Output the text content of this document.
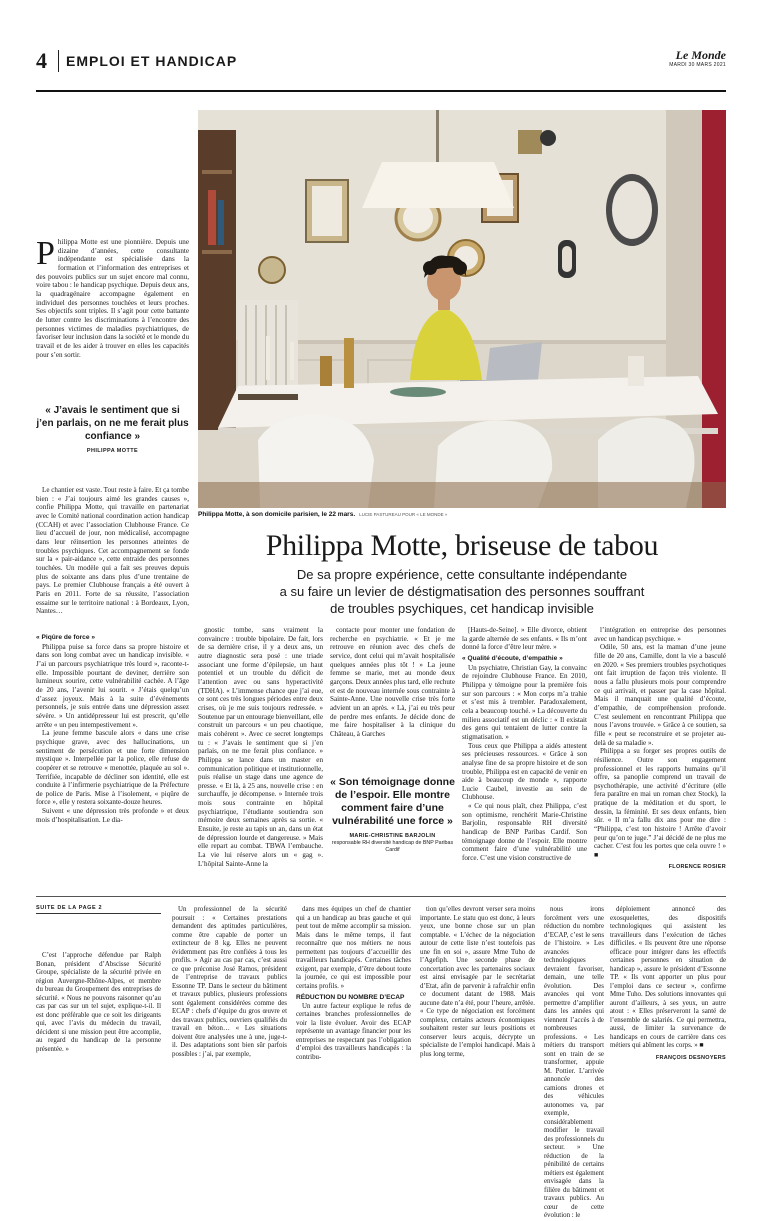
4 EMPLOI ET HANDICAP	Le Monde
MARDI 30 MARS 2021

Philippa Motte est une pionnière. Depuis une dizaine d’années, cette consultante indépendante est spécialisée dans la formation et l’information des entreprises et des pouvoirs publics sur un sujet encore mal connu, voire tabou : le handicap psychique. Depuis deux ans, la quadragénaire accompagne également en individuel des personnes touchées et leurs proches. Ses objectifs sont triples. Il s’agit pour cette battante de lutter contre les discriminations à l’encontre des personnes victimes de maladies psychiatriques, de favoriser leur inclusion dans la société et le monde du travail et de les aider à trouver en elles les capacités pour s’en sortir.

« J’avais le sentiment que si j’en parlais, on ne me ferait plus confiance »
PHILIPPA MOTTE
Philippa Motte, à son domicile parisien, le 22 mars. LUCIE PASTUREAU POUR « LE MONDE »
Philippa Motte, briseuse de tabou
De sa propre expérience, cette consultante indépendante
a su faire un levier de déstigmatisation des personnes souffrant
de troubles psychiques, cet handicap invisible

Le chantier est vaste. Tout reste à faire. Et ça tombe bien : « J’ai toujours aimé les grandes causes », confie Philippa Motte, qui travaille en partenariat avec le Comité national coordination action handicap (CCAH) et avec l’association Clubhouse France. Ce lieu d’accueil de jour, non médicalisé, accompagne dans leur réinsertion les personnes atteintes de troubles psychiques. Cet accompagnement se fonde sur la « pair-aidance », cette entraide des personnes touchées. Un modèle qui a fait ses preuves depuis plus de soixante ans dans plus d’une trentaine de pays. Le premier Clubhouse français a été ouvert à Paris en 2011. Forte de sa réussite, l’association essaime sur le territoire national : à Bordeaux, Lyon, Nantes…

« Piqûre de force »

Philippa puise sa force dans sa propre histoire et dans son long combat avec un handicap invisible. « J’ai un parcours psychiatrique très lourd », raconte-t-elle. Impossible pourtant de deviner, derrière son lumineux sourire, cette vulnérabilité cachée. A l’âge de 20 ans, l’avenir lui sourit. « J’étais quelqu’un d’assez joyeux. Mais à la suite d’événements personnels, je suis entrée dans une dépression assez sévère. » Un antidépresseur lui est prescrit, qu’elle arrête « un peu intempestivement ».

La jeune femme bascule alors « dans une crise psychique grave, avec des hallucinations, un sentiment de persécution et une forte dimension mystique ». Interpellée par la police, elle refuse de coopérer et se retrouve « menottée, plaquée au sol ». Terrifiée, incapable de décliner son identité, elle est conduite à l’infirmerie psychiatrique de la Préfecture de police de Paris. Mise à l’isolement, « piqûre de force », elle y restera soixante-douze heures.

Suivent « une dépression très profonde » et deux mois d’hospitalisation. Le dia-

gnostic tombe, sans vraiment la convaincre : trouble bipolaire. De fait, lors de sa dernière crise, il y a deux ans, un autre diagnostic sera posé : une triade associant une forme d’épilepsie, un haut potentiel et un trouble du déficit de l’attention avec ou sans hyperactivité (TDHA). « L’immense chance que j’ai eue, ce sont ces très longues périodes entre deux crises, où je me suis toujours redressée. » Soutenue par un entourage bienveillant, elle construit un parcours « un peu chaotique, mais cohérent ». Avec ce secret longtemps tu : « J’avais le sentiment que si j’en parlais, on ne me ferait plus confiance. » Philippa se lance dans un master en communication politique et institutionnelle, puis réalise un stage dans une agence de presse. « Et là, à 25 ans, nouvelle crise : en surchauffe, je décompense. » Internée trois mois sous contrainte en hôpital psychiatrique, l’étudiante soutiendra son mémoire deux semaines après sa sortie. « Ensuite, je reste au tapis un an, dans un état de dépression lourde et dangereuse. » Mais elle repart au combat. TBWA l’embauche. La vie lui réserve alors un « gag ». L’hôpital Sainte-Anne la

contacte pour monter une fondation de recherche en psychiatrie. « Et je me retrouve en réunion avec des chefs de service, dont celui qui m’avait hospitalisée quelques années plus tôt ! » La jeune femme se marie, met au monde deux garçons. Deux années plus tard, elle rechute et est de nouveau internée sous contrainte à Sainte-Anne. Une nouvelle crise très forte advient un an après. « Là, j’ai eu très peur de perdre mes enfants. Je décide donc de me faire hospitaliser à la clinique du Château, à Garches

« Son témoignage donne de l’espoir. Elle montre comment faire d’une vulnérabilité une force »
MARIE-CHRISTINE BARJOLIN
responsable RH diversité handicap de BNP Paribas Cardif

[Hauts-de-Seine]. » Elle divorce, obtient la garde alternée de ses enfants. « Ils m’ont donné la force d’être leur mère. »

« Qualité d’écoute, d’empathie »

Un psychiatre, Christian Gay, la convainc de rejoindre Clubhouse France. En 2010, Philippa y témoigne pour la première fois sur son parcours : « Mon corps m’a trahie et s’est mis à trembler. Paradoxalement, cela a beaucoup touché. » La découverte du milieu associatif est un déclic : « Il existait des gens qui tentaient de lutter contre la stigmatisation. »

Tous ceux que Philippa a aidés attestent ses précieuses ressources. « Grâce à son analyse fine de sa propre histoire et de son trouble, Philippa est en capacité de venir en aide à beaucoup de monde », rapporte Lucie Caubel, investie au sein de Clubhouse.

« Ce qui nous plaît, chez Philippa, c’est son optimisme, renchérit Marie-Christine Barjolin, responsable RH diversité handicap de BNP Paribas Cardif. Son témoignage donne de l’espoir. Elle montre comment faire d’une vulnérabilité une force. C’est une vision constructive de

l’intégration en entreprise des personnes avec un handicap psychique. »

Odile, 50 ans, est la maman d’une jeune fille de 20 ans, Camille, dont la vie a basculé en 2020. « Ses premiers troubles psychotiques ont fait irruption de façon très violente. Il nous a fallu plusieurs mois pour comprendre ce qui arrivait, et passer par la case hôpital. Mais il manquait une qualité d’écoute, d’empathie, de compréhension profonde. C’est seulement en rencontrant Philippa que nous l’avons trouvée. » Grâce à ce soutien, sa fille « peut se reconstruire et se projeter au-delà de sa maladie ».

Philippa a su forger ses propres outils de résilience. Outre son engagement professionnel et les rapports humains qu’il offre, sa panoplie comprend un travail de psychothérapie, une activité d’écriture (elle fera paraître en mai un roman chez Stock), la pratique de la méditation et du sport, le dessin, la féminité. Et ses deux enfants, bien sûr. « Il m’a fallu dix ans pour me dire : “Philippa, c’est ton histoire ! Arrête d’avoir peur qu’on te juge.” J’ai décidé de ne plus me cacher. C’est fou les portes que cela ouvre ! » ■

FLORENCE ROSIER
SUITE DE LA PAGE 2

C’est l’approche défendue par Ralph Bonan, président d’Abscisse Sécurité Groupe, spécialiste de la sécurité privée en région Auvergne-Rhône-Alpes, et membre du bureau du Groupement des entreprises de sécurité. « Nous ne pouvons raisonner qu’au cas par cas sur un tel sujet, explique-t-il. Il est donc préférable que ce soit les dirigeants qui, avec l’avis du médecin du travail, décident si une mission peut être accomplie, au regard du handicap de la personne présentée. »

Un professionnel de la sécurité poursuit : « Certaines prestations demandent des aptitudes particulières, comme être capable de porter un extincteur de 8 kg. Elles ne peuvent évidemment pas être confiées à tous les profils. » Agir au cas par cas, c’est aussi ce que préconise José Ramos, président de l’entreprise de travaux publics Essonne TP. Dans le secteur du bâtiment et travaux publics, plusieurs professions sont également considérées comme des ECAP : chefs d’équipe du gros œuvre et des travaux publics, ouvriers qualifiés du travail en béton… « Les situations doivent être analysées une à une, juge-t-il. Des adaptations sont bien sûr parfois possibles : j’ai, par exemple,

dans mes équipes un chef de chantier qui a un handicap au bras gauche et qui peut tout de même accomplir sa mission. Mais dans le même temps, il faut reconnaître que nos métiers ne nous permettent pas toujours d’accueillir des travailleurs handicapés. Certaines tâches exigent, par exemple, d’être debout toute la journée, ce qui est impossible pour certains profils. »

RÉDUCTION DU NOMBRE D’ECAP

Un autre facteur explique le refus de certaines branches professionnelles de voir la liste évoluer. Avoir des ECAP représente un avantage financier pour les entreprises ne respectant pas l’obligation d’emploi des travailleurs handicapés : la contribu-

tion qu’elles devront verser sera moins importante. Le statu quo est donc, à leurs yeux, une bonne chose sur un plan comptable. « L’échec de la négociation autour de cette liste n’est toutefois pas une fin en soi », assure Mme Tuho de l’Agefiph. Une seconde phase de concertation avec les partenaires sociaux est ainsi envisagée par le secrétariat d’Etat, afin de parvenir à rafraîchir enfin ce document datant de 1988. Mais aucune date n’a été, pour l’heure, arrêtée. « Ce type de négociation est forcément complexe, certains acteurs économiques souhaitent rester sur leurs positions et conserver leurs acquis, décrypte un spécialiste de l’emploi handicapé. Mais à plus long terme,

nous irons forcément vers une réduction du nombre d’ECAP, c’est le sens de l’histoire. » Les avancées technologiques devraient favoriser, demain, une telle évolution. Des avancées qui vont permettre d’amplifier dans les années qui viennent l’accès à de nombreuses professions. « Les métiers du transport sont en train de se transformer, appuie M. Pottier. L’arrivée annoncée des camions drones et des véhicules autonomes va, par exemple, considérablement modifier le travail des professionnels du secteur. » Une réduction de la pénibilité de certains métiers est également envisagée dans la filière du bâtiment et travaux publics. Au cœur de cette évolution : le

déploiement annoncé des exosquelettes, des dispositifs technologiques qui assistent les travailleurs dans l’exécution de tâches difficiles. « Ils peuvent être une réponse efficace pour intégrer dans les effectifs certaines personnes en situation de handicap », assure le président d’Essonne TP. « Ils vont apporter un plus pour l’emploi dans ce secteur », confirme Mme Tuho. Des solutions innovantes qui auront d’ailleurs, à ses yeux, un autre atout : « Elles préserveront la santé de l’ensemble de salariés. Ce qui permettra, aussi, de limiter la survenance de handicaps en cours de carrière dans ces métiers qui abîment les corps. » ■

FRANÇOIS DESNOYERS
